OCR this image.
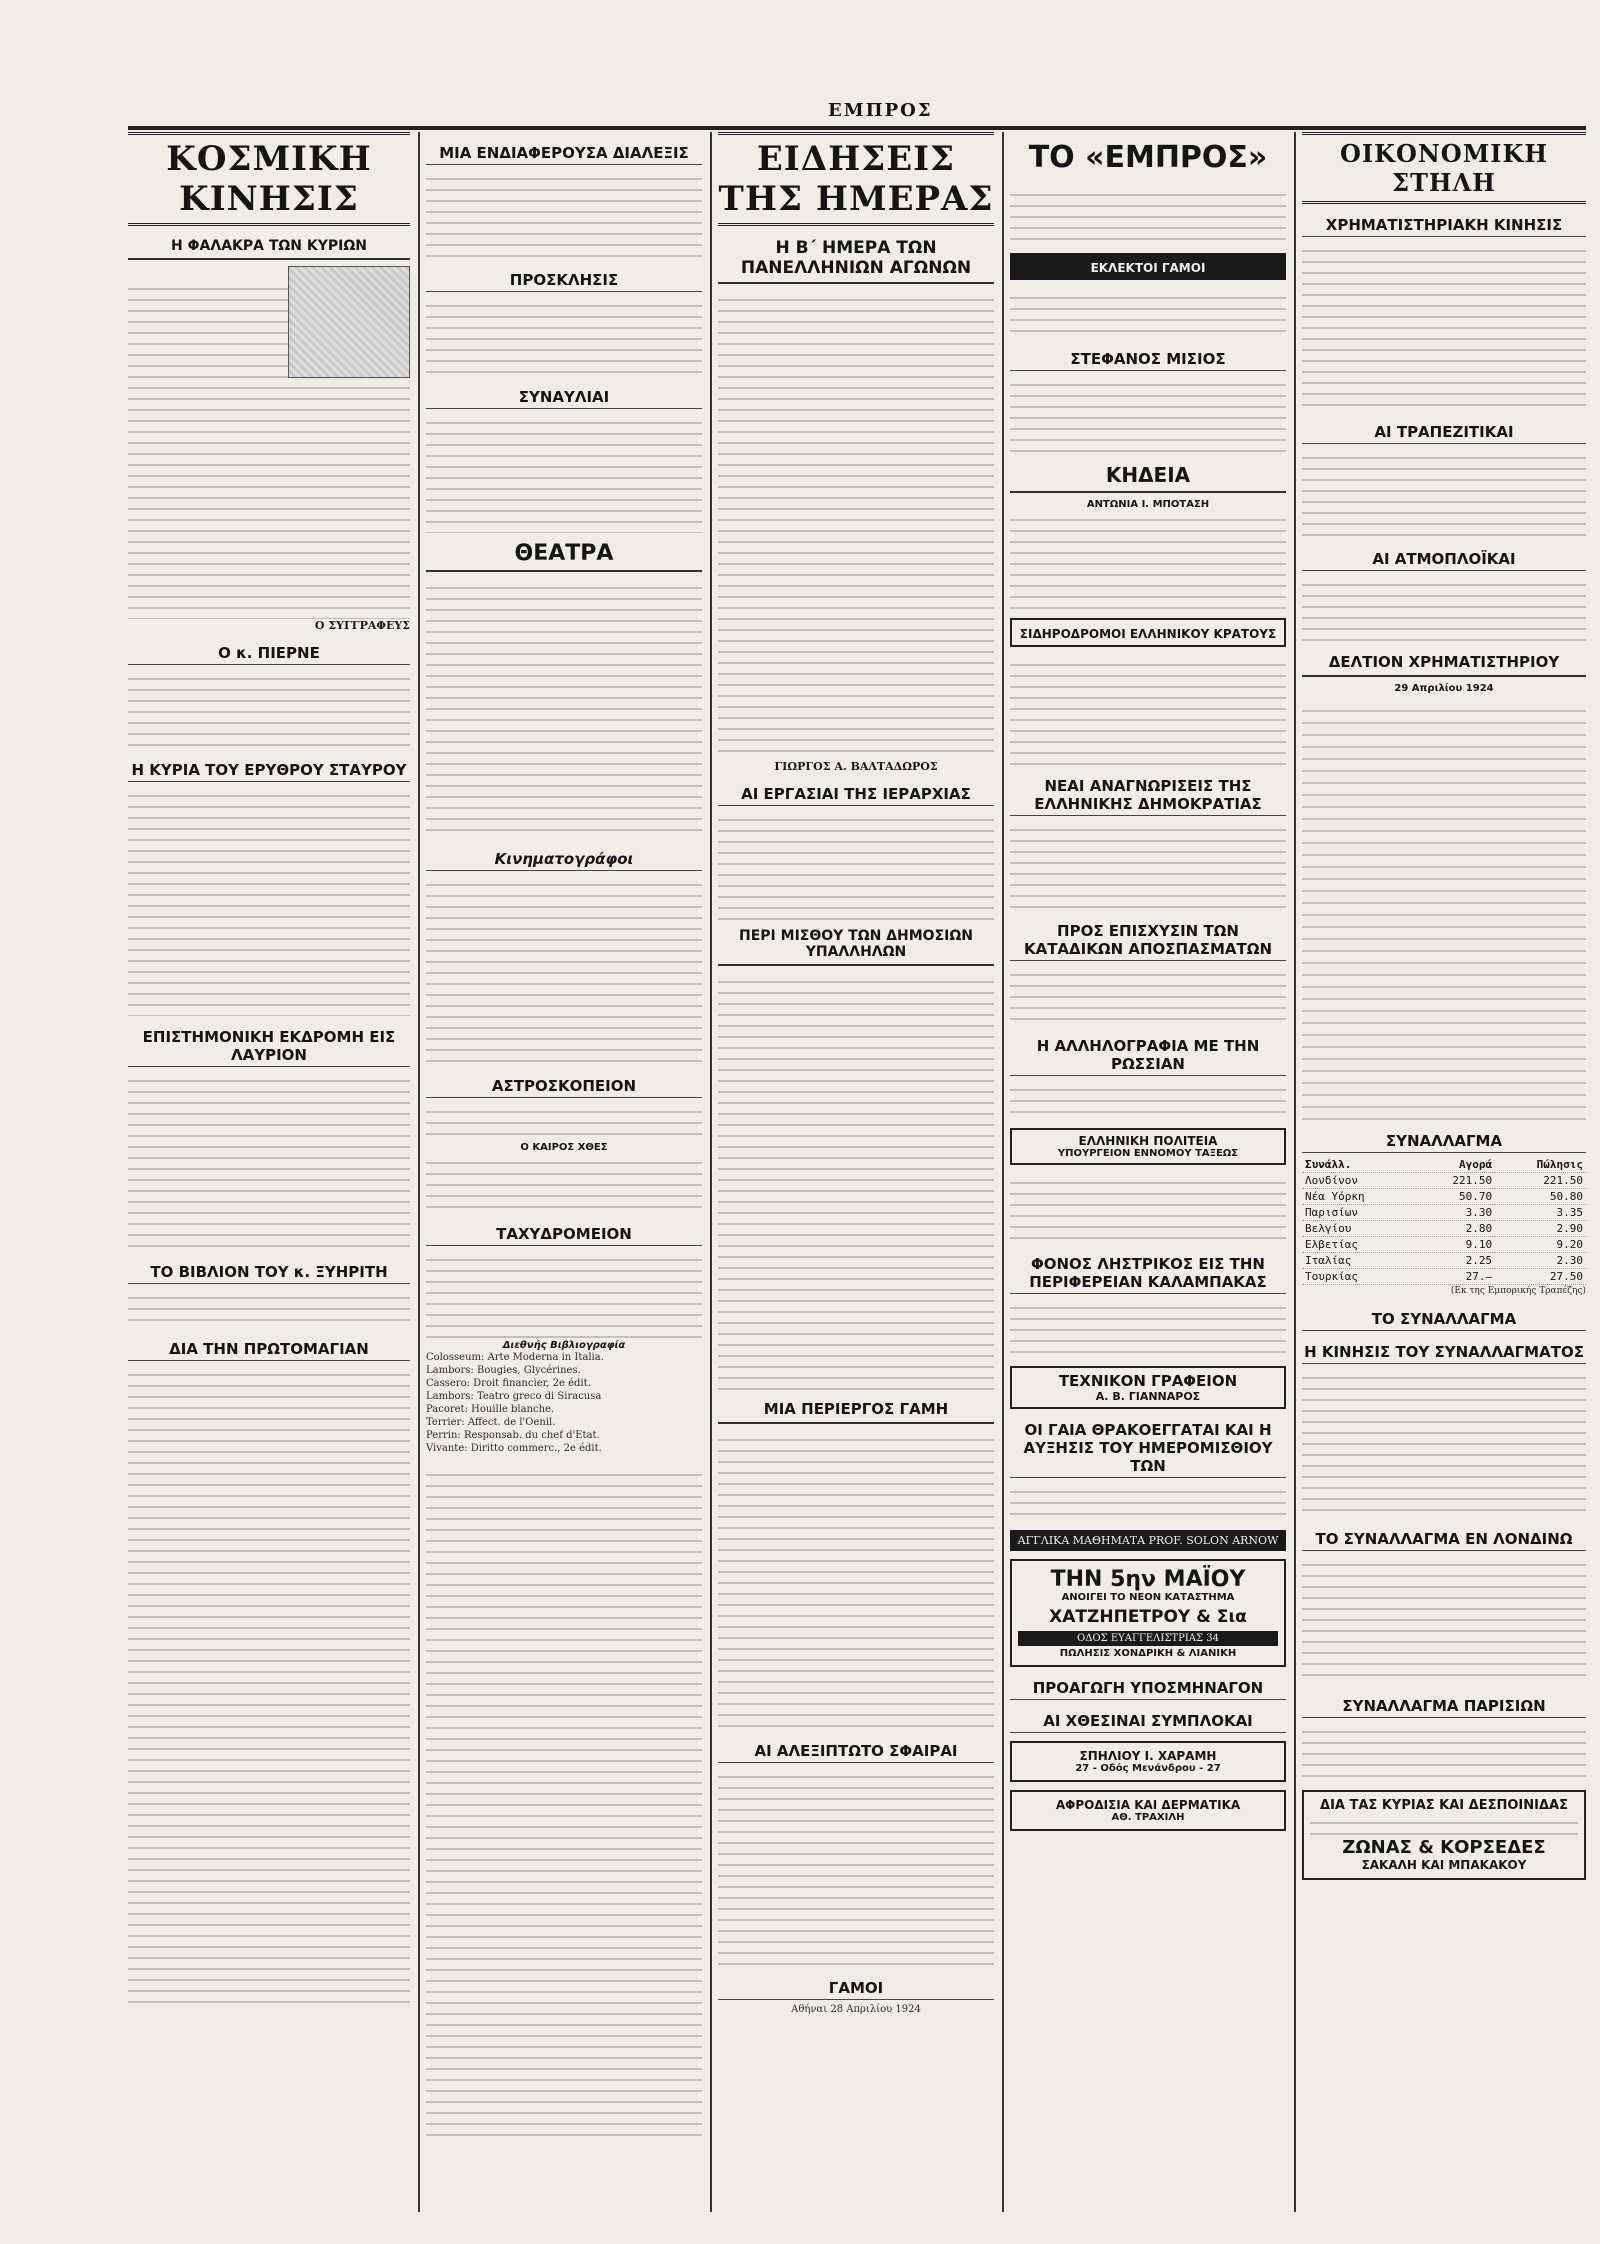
ΕΜΠΡΟΣ
ΚΟΣΜΙΚΗ ΚΙΝΗΣΙΣ
Η ΦΑΛΑΚΡΑ ΤΩΝ ΚΥΡΙΩΝ

Ο ΣΥΓΓΡΑΦΕΥΣ
Ο κ. ΠΙΕΡΝΕ
Η ΚΥΡΙΑ ΤΟΥ ΕΡΥΘΡΟΥ ΣΤΑΥΡΟΥ
ΕΠΙΣΤΗΜΟΝΙΚΗ ΕΚΔΡΟΜΗ ΕΙΣ ΛΑΥΡΙΟΝ
ΤΟ ΒΙΒΛΙΟΝ ΤΟΥ κ. ΞΥΗΡΙΤΗ
ΔΙΑ ΤΗΝ ΠΡΩΤΟΜΑΓΙΑΝ
ΜΙΑ ΕΝΔΙΑΦΕΡΟΥΣΑ ΔΙΑΛΕΞΙΣ
ΠΡΟΣΚΛΗΣΙΣ
ΣΥΝΑΥΛΙΑΙ
ΘΕΑΤΡΑ
Κινηματογράφοι
ΑΣΤΡΟΣΚΟΠΕΙΟΝ
Ο ΚΑΙΡΟΣ ΧΘΕΣ
ΤΑΧΥΔΡΟΜΕΙΟΝ
Διεθνής Βιβλιογραφία
Colosseum: Arte Moderna in Italia.
Lambors: Bougies, Glycérines.
Cassero: Droit financier, 2e édit.
Lambors: Teatro greco di Siracusa
Pacoret: Houille blanche.
Terrier: Affect. de l'Oenil.
Perrin: Responsab. du chef d'Etat.
Vivante: Diritto commerc., 2e édit.
ΕΙΔΗΣΕΙΣ ΤΗΣ ΗΜΕΡΑΣ
Η Β΄ ΗΜΕΡΑ ΤΩΝ ΠΑΝΕΛΛΗΝΙΩΝ ΑΓΩΝΩΝ
ΓΙΩΡΓΟΣ Α. ΒΑΛΤΑΔΩΡΟΣ
ΑΙ ΕΡΓΑΣΙΑΙ ΤΗΣ ΙΕΡΑΡΧΙΑΣ
ΠΕΡΙ ΜΙΣΘΟΥ ΤΩΝ ΔΗΜΟΣΙΩΝ ΥΠΑΛΛΗΛΩΝ
ΜΙΑ ΠΕΡΙΕΡΓΟΣ ΓΑΜΗ
ΑΙ ΑΛΕΞΙΠΤΩΤΟ ΣΦΑΙΡΑΙ
ΓΑΜΟΙ
Αθήναι 28 Απριλίου 1924
ΤΟ «ΕΜΠΡΟΣ»
ΕΚΛΕΚΤΟΙ ΓΑΜΟΙ
ΣΤΕΦΑΝΟΣ ΜΙΣΙΟΣ
ΚΗΔΕΙΑ
ΑΝΤΩΝΙΑ Ι. ΜΠΟΤΑΣΗ
ΣΙΔΗΡΟΔΡΟΜΟΙ ΕΛΛΗΝΙΚΟΥ ΚΡΑΤΟΥΣ
ΝΕΑΙ ΑΝΑΓΝΩΡΙΣΕΙΣ ΤΗΣ ΕΛΛΗΝΙΚΗΣ ΔΗΜΟΚΡΑΤΙΑΣ
ΠΡΟΣ ΕΠΙΣΧΥΣΙΝ ΤΩΝ ΚΑΤΑΔΙΚΩΝ ΑΠΟΣΠΑΣΜΑΤΩΝ
Η ΑΛΛΗΛΟΓΡΑΦΙΑ ΜΕ ΤΗΝ ΡΩΣΣΙΑΝ
ΕΛΛΗΝΙΚΗ ΠΟΛΙΤΕΙΑ
ΥΠΟΥΡΓΕΙΟΝ ΕΝΝΟΜΟΥ ΤΑΞΕΩΣ
ΦΟΝΟΣ ΛΗΣΤΡΙΚΟΣ ΕΙΣ ΤΗΝ ΠΕΡΙΦΕΡΕΙΑΝ ΚΑΛΑΜΠΑΚΑΣ
ΤΕΧΝΙΚΟΝ ΓΡΑΦΕΙΟΝ
Α. Β. ΓΙΑΝΝΑΡΟΣ
ΟΙ ΓΑΙΑ ΘΡΑΚΟΕΓΓΑΤΑΙ ΚΑΙ Η ΑΥΞΗΣΙΣ ΤΟΥ ΗΜΕΡΟΜΙΣΘΙΟΥ ΤΩΝ
ΑΓΓΛΙΚΑ ΜΑΘΗΜΑΤΑ PROF. SOLON ARNOW
ΤΗΝ 5ην ΜΑΪΟΥ
ΑΝΟΙΓΕΙ ΤΟ ΝΕΟΝ ΚΑΤΑΣΤΗΜΑ
ΧΑΤΖΗΠΕΤΡΟΥ & Σια
ΟΔΟΣ ΕΥΑΓΓΕΛΙΣΤΡΙΑΣ 34
ΠΩΛΗΣΙΣ ΧΟΝΔΡΙΚΗ & ΛΙΑΝΙΚΗ
ΠΡΟΑΓΩΓΗ ΥΠΟΣΜΗΝΑΓΟΝ
ΑΙ ΧΘΕΣΙΝΑΙ ΣΥΜΠΛΟΚΑΙ
ΣΠΗΛΙΟΥ Ι. ΧΑΡΑΜΗ
27 - Οδός Μενάνδρου - 27
ΑΦΡΟΔΙΣΙΑ ΚΑΙ ΔΕΡΜΑΤΙΚΑ
ΑΘ. ΤΡΑΧΙΛΗ
ΟΙΚΟΝΟΜΙΚΗ ΣΤΗΛΗ
ΧΡΗΜΑΤΙΣΤΗΡΙΑΚΗ ΚΙΝΗΣΙΣ
ΑΙ ΤΡΑΠΕΖΙΤΙΚΑΙ
ΑΙ ΑΤΜΟΠΛΟΪΚΑΙ
ΔΕΛΤΙΟΝ ΧΡΗΜΑΤΙΣΤΗΡΙΟΥ
29 Απριλίου 1924
ΣΥΝΑΛΛΑΓΜΑ
Συνάλλ.	Αγορά	Πώλησις
Λονδίνον	221.50	221.50
Νέα Υόρκη	50.70	50.80
Παρισίων	3.30	3.35
Βελγίου	2.80	2.90
Ελβετίας	9.10	9.20
Ιταλίας	2.25	2.30
Τουρκίας	27.—	27.50
(Εκ της Εμπορικής Τραπέζης)
ΤΟ ΣΥΝΑΛΛΑΓΜΑ
Η ΚΙΝΗΣΙΣ ΤΟΥ ΣΥΝΑΛΛΑΓΜΑΤΟΣ
ΤΟ ΣΥΝΑΛΛΑΓΜΑ ΕΝ ΛΟΝΔΙΝΩ
ΣΥΝΑΛΛΑΓΜΑ ΠΑΡΙΣΙΩΝ
ΔΙΑ ΤΑΣ ΚΥΡΙΑΣ ΚΑΙ ΔΕΣΠΟΙΝΙΔΑΣ
ΖΩΝΑΣ & ΚΟΡΣΕΔΕΣ
ΣΑΚΑΛΗ ΚΑΙ ΜΠΑΚΑΚΟΥ
